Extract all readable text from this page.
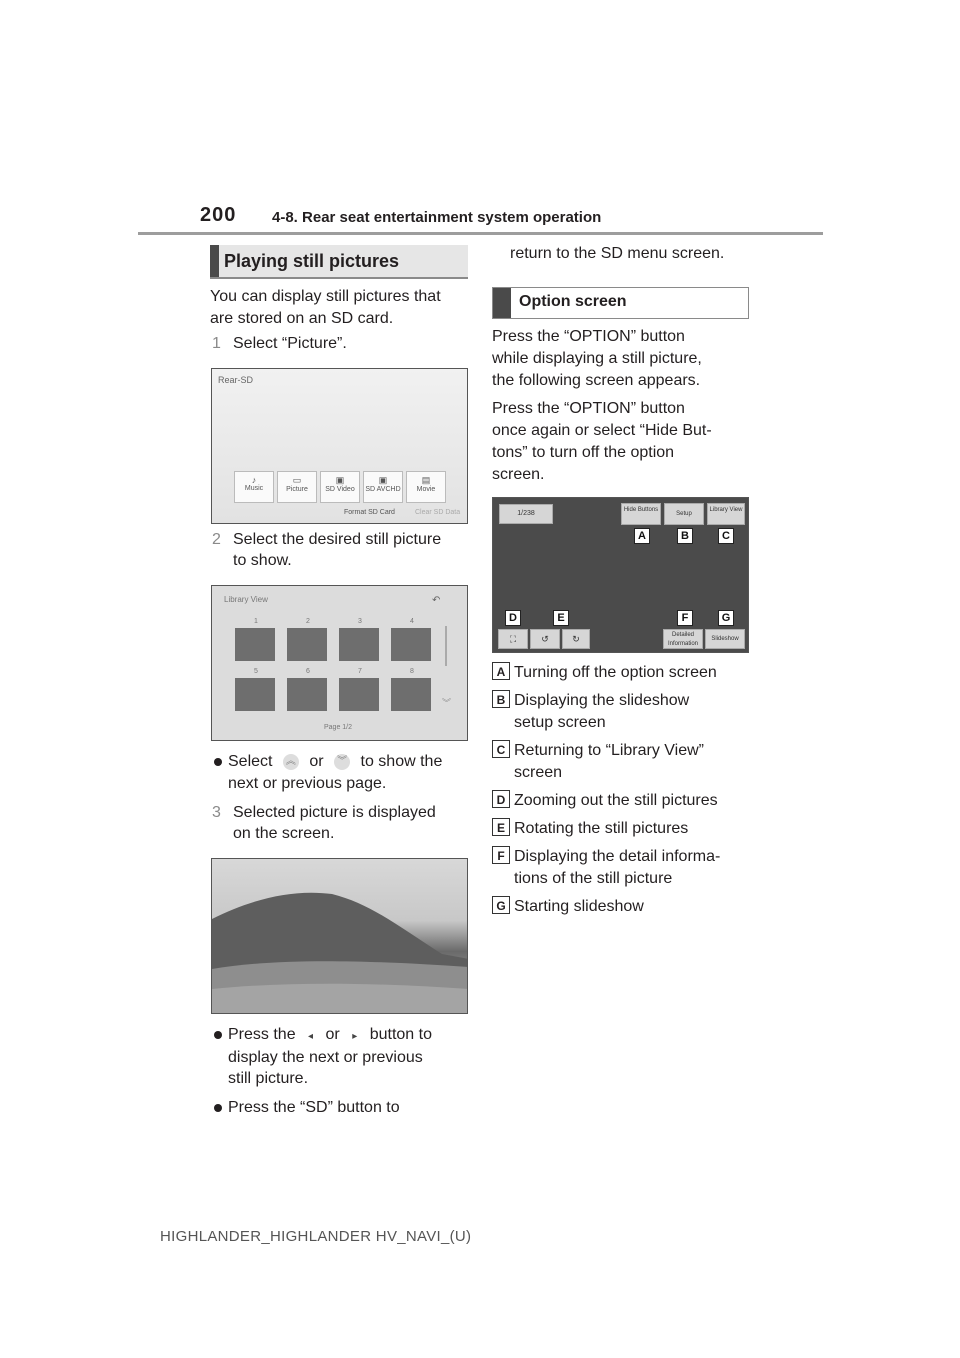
200 4-8. Rear seat entertainment system operation
Playing still pictures
You can display still pictures that
are stored on an SD card.
1 Select “Picture”.
Rear-SD
♪
Music
▭
Picture
▣
SD Video
▣
SD AVCHD
▤
Movie
Format SD Card	Clear SD Data
2 Select the desired still picture
to show.
Library View	↶
1	2	3	4
5	6	7	8
︾
Page 1/2
Select ︽ or ︾ to show the
next or previous page.
3 Selected picture is displayed
on the screen.
Press the ◂ or ▸ button to
display the next or previous
still picture.
Press the “SD” button to
return to the SD menu screen.
Option screen
Press the “OPTION” button
while displaying a still picture,
the following screen appears.
Press the “OPTION” button
once again or select “Hide But-
tons” to turn off the option
screen.
1/238	Hide Buttons
Setup
Library View
A	B	C
D	E	F	G
⛶	↺	↻	Detailed Information
Slideshow
A Turning off the option screen
B Displaying the slideshow
setup screen
C Returning to “Library View”
screen
D Zooming out the still pictures
E Rotating the still pictures
F Displaying the detail informa-
tions of the still picture
G Starting slideshow
HIGHLANDER_HIGHLANDER HV_NAVI_(U)
